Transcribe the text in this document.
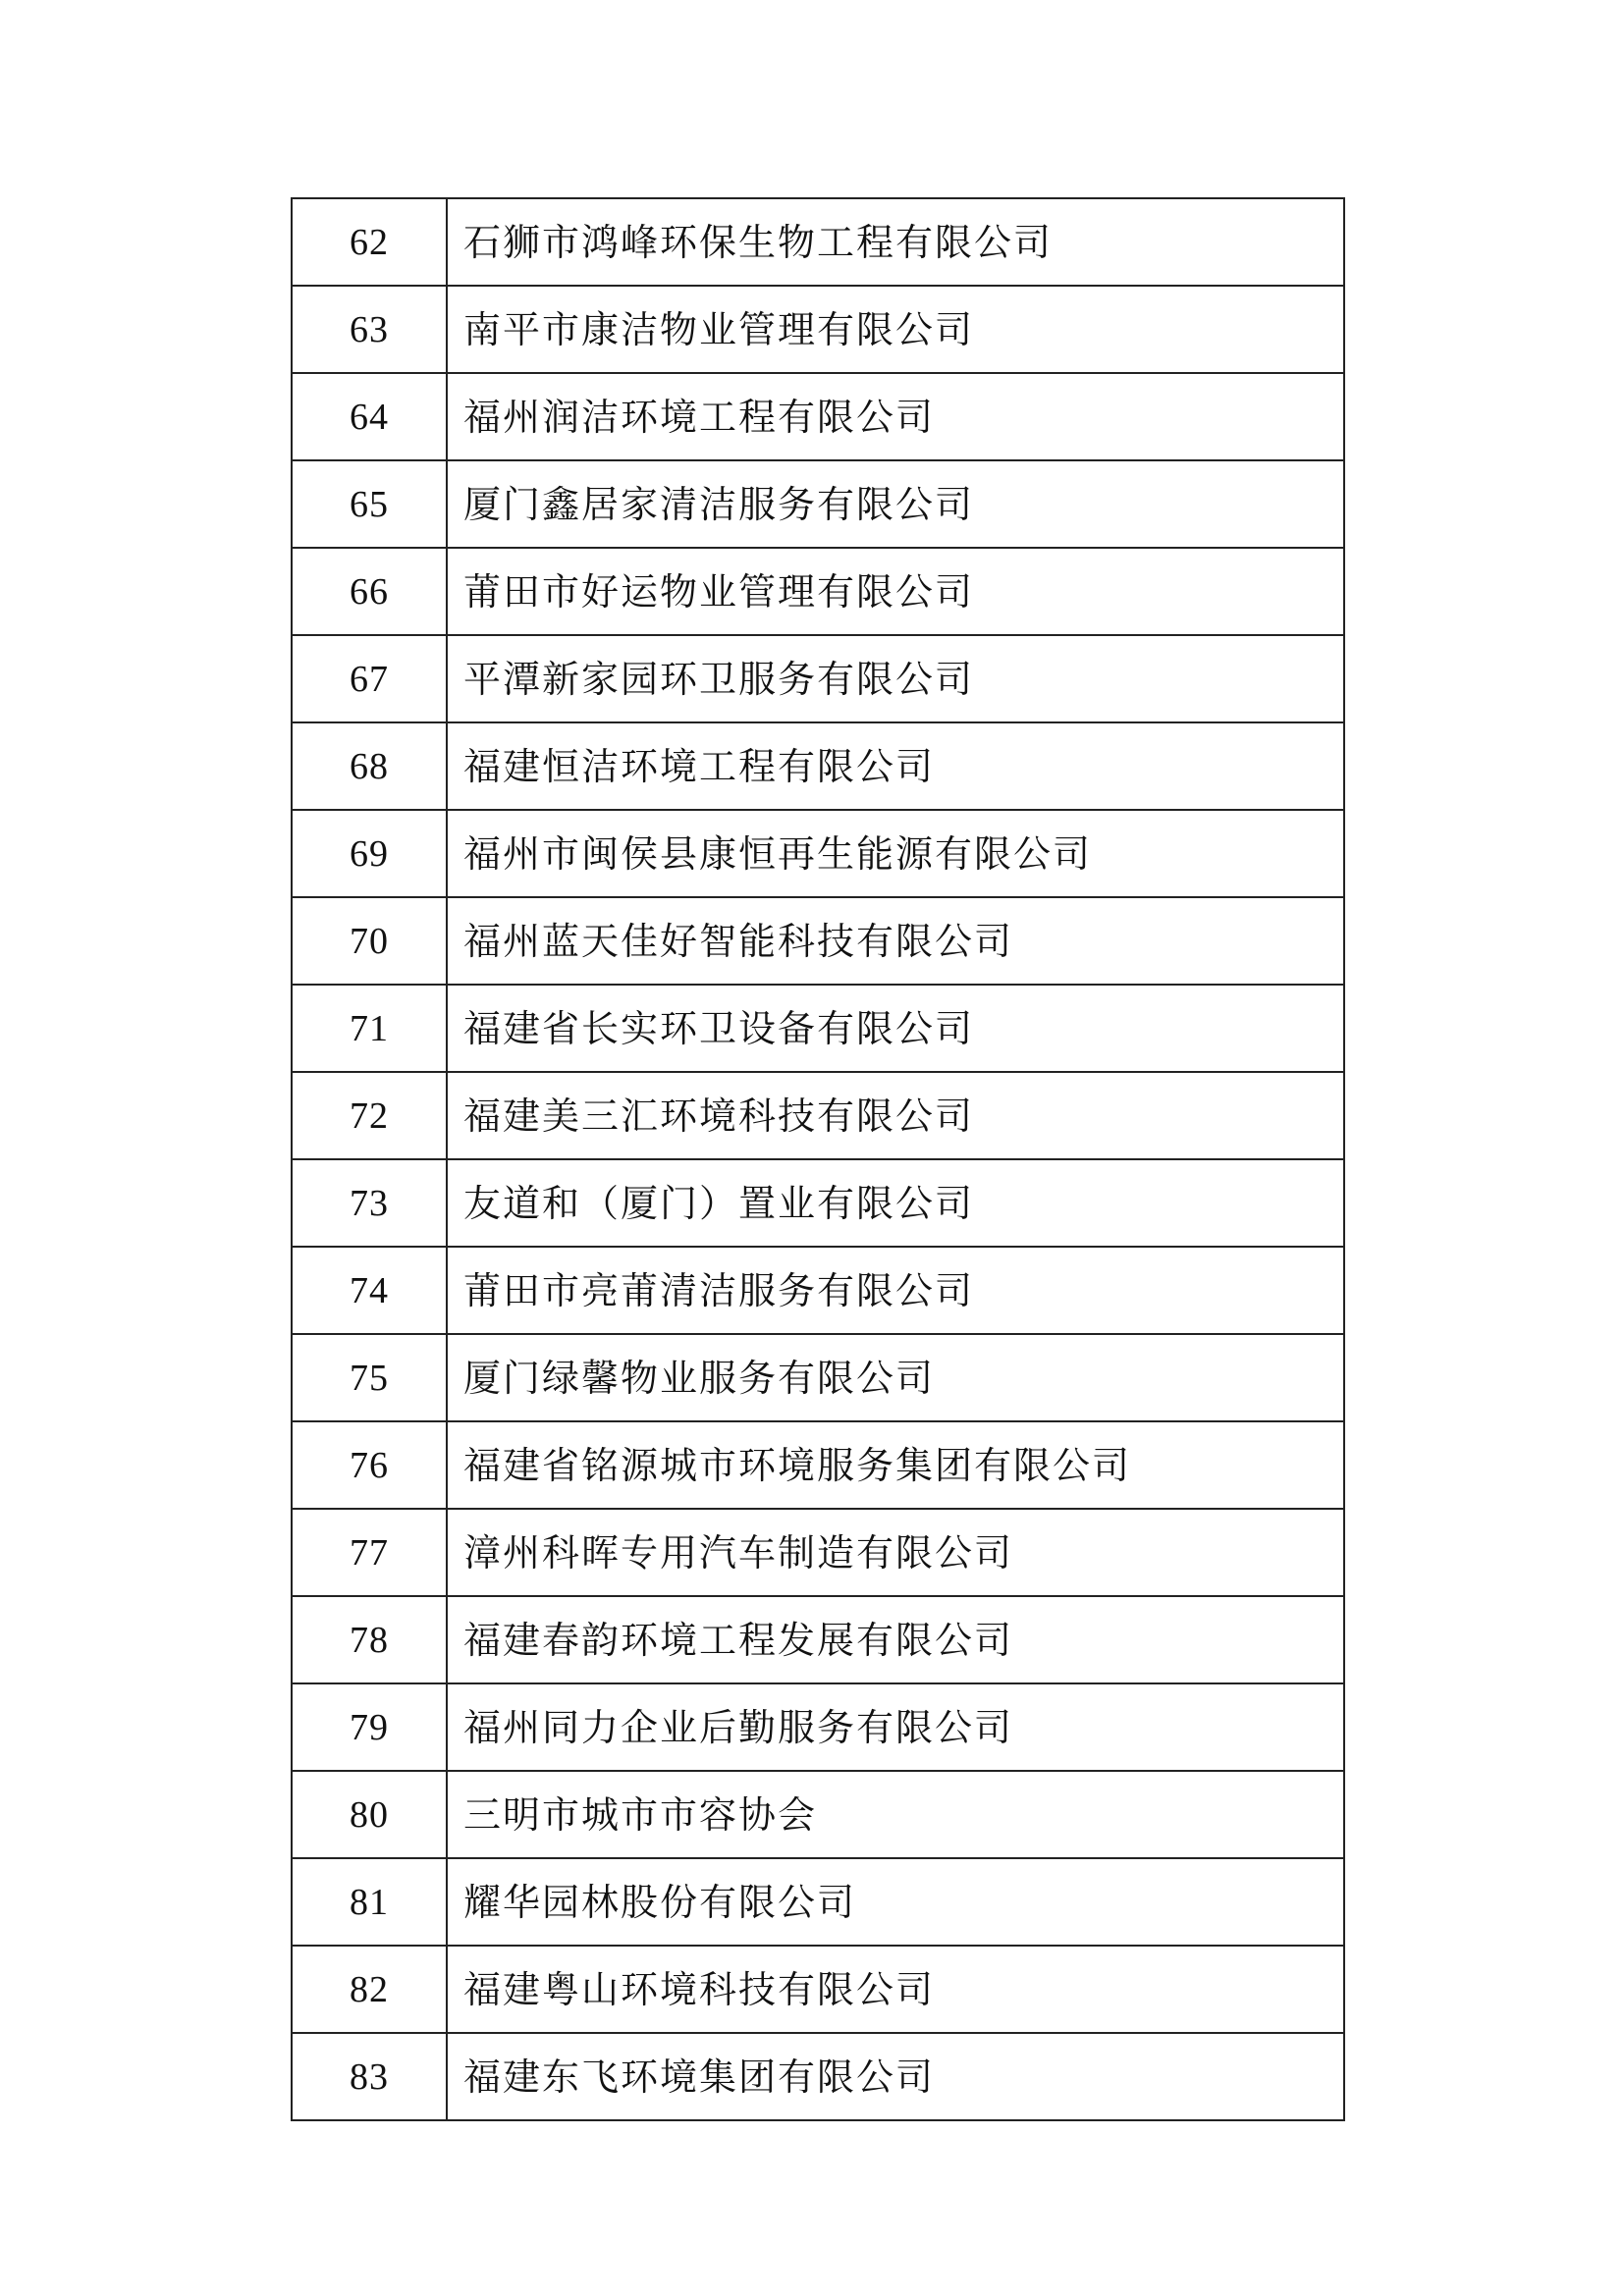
62	石狮市鸿峰环保生物工程有限公司
63	南平市康洁物业管理有限公司
64	福州润洁环境工程有限公司
65	厦门鑫居家清洁服务有限公司
66	莆田市好运物业管理有限公司
67	平潭新家园环卫服务有限公司
68	福建恒洁环境工程有限公司
69	福州市闽侯县康恒再生能源有限公司
70	福州蓝天佳好智能科技有限公司
71	福建省长实环卫设备有限公司
72	福建美三汇环境科技有限公司
73	友道和（厦门）置业有限公司
74	莆田市亮莆清洁服务有限公司
75	厦门绿馨物业服务有限公司
76	福建省铭源城市环境服务集团有限公司
77	漳州科晖专用汽车制造有限公司
78	福建春韵环境工程发展有限公司
79	福州同力企业后勤服务有限公司
80	三明市城市市容协会
81	耀华园林股份有限公司
82	福建粤山环境科技有限公司
83	福建东飞环境集团有限公司
